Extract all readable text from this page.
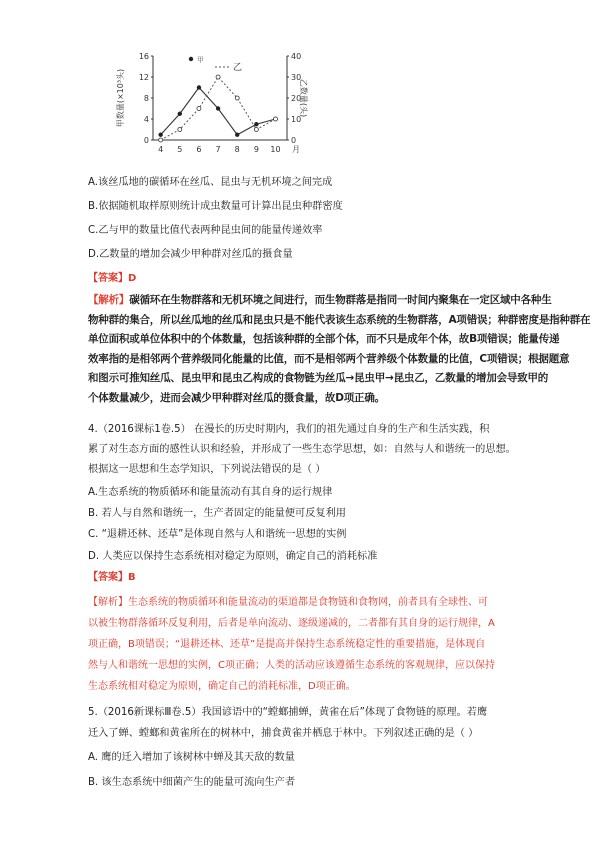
0
4
8
12
16
0
10
20
30
40
4 5 6 7 8 9 10
甲数量(×10³头)	乙数量(头)
月
甲
乙
A.该丝瓜地的碳循环在丝瓜、昆虫与无机环境之间完成
B.依据随机取样原则统计成虫数量可计算出昆虫种群密度
C.乙与甲的数量比值代表两种昆虫间的能量传递效率
D.乙数量的增加会减少甲种群对丝瓜的摄食量
【答案】D
【解析】碳循环在生物群落和无机环境之间进行，而生物群落是指同一时间内聚集在一定区域中各种生
物种群的集合，所以丝瓜地的丝瓜和昆虫只是不能代表该生态系统的生物群落，A项错误；种群密度是指种群在
单位面积或单位体积中的个体数量，包括该种群的全部个体，而不只是成年个体，故B项错误；能量传递
效率指的是相邻两个营养级同化能量的比值，而不是相邻两个营养级个体数量的比值，C项错误；根据题意
和图示可推知丝瓜、昆虫甲和昆虫乙构成的食物链为丝瓜→昆虫甲→昆虫乙，乙数量的增加会导致甲的
个体数量减少，进而会减少甲种群对丝瓜的摄食量，故D项正确。
4.（2016课标1卷.5） 在漫长的历史时期内，我们的祖先通过自身的生产和生活实践，积
累了对生态方面的感性认识和经验，并形成了一些生态学思想，如：自然与人和谐统一的思想。
根据这一思想和生态学知识，下列说法错误的是（ ）
A.生态系统的物质循环和能量流动有其自身的运行规律
B. 若人与自然和谐统一，生产者固定的能量便可反复利用
C. “退耕还林、还草”是体现自然与人和谐统一思想的实例
D. 人类应以保持生态系统相对稳定为原则，确定自己的消耗标准
【答案】B
【解析】生态系统的物质循环和能量流动的渠道都是食物链和食物网，前者具有全球性、可
以被生物群落循环反复利用，后者是单向流动、逐级递减的，二者都有其自身的运行规律，A
项正确，B项错误；“退耕还林、还草”是提高并保持生态系统稳定性的重要措施，是体现自
然与人和谐统一思想的实例，C项正确；人类的活动应该遵循生态系统的客观规律，应以保持
生态系统相对稳定为原则，确定自己的消耗标准，D项正确。
5.（2016新课标Ⅲ卷.5）我国谚语中的“螳螂捕蝉，黄雀在后”体现了食物链的原理。若鹰
迁入了蝉、螳螂和黄雀所在的树林中，捕食黄雀并栖息于林中。下列叙述正确的是（ ）
A. 鹰的迁入增加了该树林中蝉及其天敌的数量
B. 该生态系统中细菌产生的能量可流向生产者
